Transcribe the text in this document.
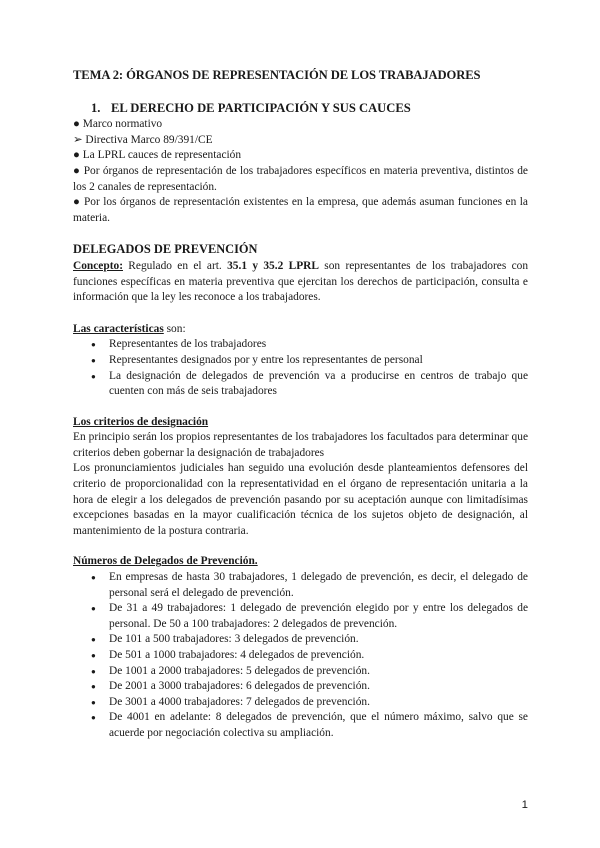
TEMA 2: ÓRGANOS DE REPRESENTACIÓN DE LOS TRABAJADORES
1. EL DERECHO DE PARTICIPACIÓN Y SUS CAUCES

● Marco normativo

➢ Directiva Marco 89/391/CE

● La LPRL cauces de representación

● Por órganos de representación de los trabajadores específicos en materia preventiva, distintos de los 2 canales de representación.

● Por los órganos de representación existentes en la empresa, que además asuman funciones en la materia.

DELEGADOS DE PREVENCIÓN

Concepto: Regulado en el art. 35.1 y 35.2 LPRL son representantes de los trabajadores con funciones específicas en materia preventiva que ejercitan los derechos de participación, consulta e información que la ley les reconoce a los trabajadores.

Las características son:

● Representantes de los trabajadores
● Representantes designados por y entre los representantes de personal
● La designación de delegados de prevención va a producirse en centros de trabajo que cuenten con más de seis trabajadores

Los criterios de designación

En principio serán los propios representantes de los trabajadores los facultados para determinar que criterios deben gobernar la designación de trabajadores

Los pronunciamientos judiciales han seguido una evolución desde planteamientos defensores del criterio de proporcionalidad con la representatividad en el órgano de representación unitaria a la hora de elegir a los delegados de prevención pasando por su aceptación aunque con limitadísimas excepciones basadas en la mayor cualificación técnica de los sujetos objeto de designación, al mantenimiento de la postura contraria.

Números de Delegados de Prevención.

● En empresas de hasta 30 trabajadores, 1 delegado de prevención, es decir, el delegado de personal será el delegado de prevención.
● De 31 a 49 trabajadores: 1 delegado de prevención elegido por y entre los delegados de personal. De 50 a 100 trabajadores: 2 delegados de prevención.
● De 101 a 500 trabajadores: 3 delegados de prevención.
● De 501 a 1000 trabajadores: 4 delegados de prevención.
● De 1001 a 2000 trabajadores: 5 delegados de prevención.
● De 2001 a 3000 trabajadores: 6 delegados de prevención.
● De 3001 a 4000 trabajadores: 7 delegados de prevención.
● De 4001 en adelante: 8 delegados de prevención, que el número máximo, salvo que se acuerde por negociación colectiva su ampliación.
1
